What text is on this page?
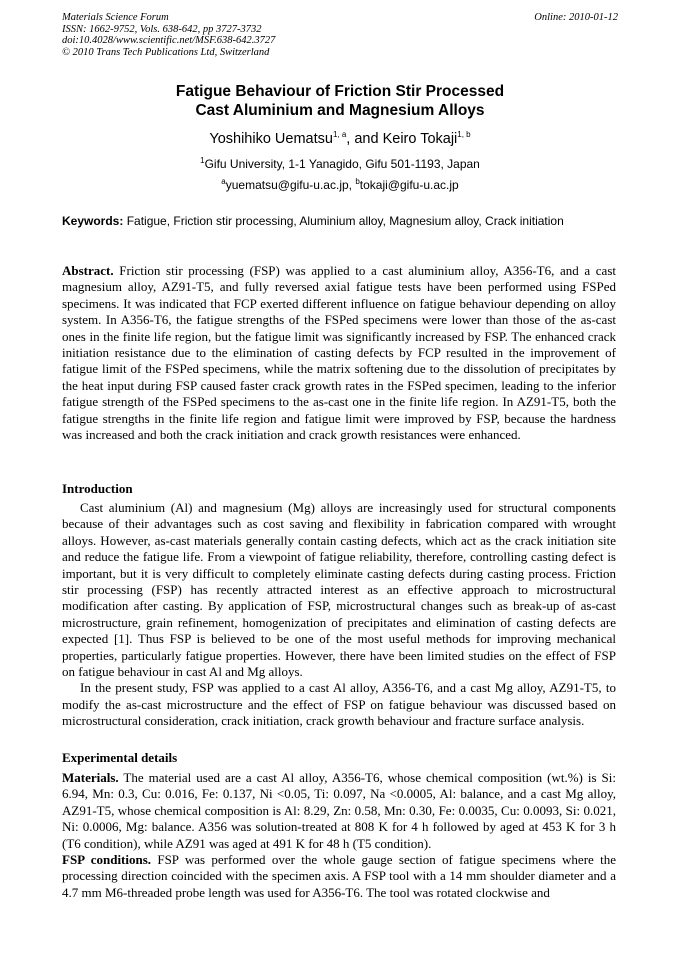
Materials Science Forum
ISSN: 1662-9752, Vols. 638-642, pp 3727-3732
doi:10.4028/www.scientific.net/MSF.638-642.3727
© 2010 Trans Tech Publications Ltd, Switzerland
Online: 2010-01-12
Fatigue Behaviour of Friction Stir Processed
Cast Aluminium and Magnesium Alloys
Yoshihiko Uematsu$^{1, a}$, and Keiro Tokaji$^{1, b}$
$^1$Gifu University, 1-1 Yanagido, Gifu 501-1193, Japan
$^a$yuematsu@gifu-u.ac.jp, $^b$tokaji@gifu-u.ac.jp
Keywords: Fatigue, Friction stir processing, Aluminium alloy, Magnesium alloy, Crack initiation
Abstract. Friction stir processing (FSP) was applied to a cast aluminium alloy, A356-T6, and a cast magnesium alloy, AZ91-T5, and fully reversed axial fatigue tests have been performed using FSPed specimens. It was indicated that FCP exerted different influence on fatigue behaviour depending on alloy system. In A356-T6, the fatigue strengths of the FSPed specimens were lower than those of the as-cast ones in the finite life region, but the fatigue limit was significantly increased by FSP. The enhanced crack initiation resistance due to the elimination of casting defects by FCP resulted in the improvement of fatigue limit of the FSPed specimens, while the matrix softening due to the dissolution of precipitates by the heat input during FSP caused faster crack growth rates in the FSPed specimen, leading to the inferior fatigue strength of the FSPed specimens to the as-cast one in the finite life region. In AZ91-T5, both the fatigue strengths in the finite life region and fatigue limit were improved by FSP, because the hardness was increased and both the crack initiation and crack growth resistances were enhanced.
Introduction

Cast aluminium (Al) and magnesium (Mg) alloys are increasingly used for structural components because of their advantages such as cost saving and flexibility in fabrication compared with wrought alloys. However, as-cast materials generally contain casting defects, which act as the crack initiation site and reduce the fatigue life. From a viewpoint of fatigue reliability, therefore, controlling casting defect is important, but it is very difficult to completely eliminate casting defects during casting process. Friction stir processing (FSP) has recently attracted interest as an effective approach to microstructural modification after casting. By application of FSP, microstructural changes such as break-up of as-cast microstructure, grain refinement, homogenization of precipitates and elimination of casting defects are expected [1]. Thus FSP is believed to be one of the most useful methods for improving mechanical properties, particularly fatigue properties. However, there have been limited studies on the effect of FSP on fatigue behaviour in cast Al and Mg alloys.

In the present study, FSP was applied to a cast Al alloy, A356-T6, and a cast Mg alloy, AZ91-T5, to modify the as-cast microstructure and the effect of FSP on fatigue behaviour was discussed based on microstructural consideration, crack initiation, crack growth behaviour and fracture surface analysis.

Experimental details

Materials. The material used are a cast Al alloy, A356-T6, whose chemical composition (wt.%) is Si: 6.94, Mn: 0.3, Cu: 0.016, Fe: 0.137, Ni <0.05, Ti: 0.097, Na <0.0005, Al: balance, and a cast Mg alloy, AZ91-T5, whose chemical composition is Al: 8.29, Zn: 0.58, Mn: 0.30, Fe: 0.0035, Cu: 0.0093, Si: 0.021, Ni: 0.0006, Mg: balance. A356 was solution-treated at 808 K for 4 h followed by aged at 453 K for 3 h (T6 condition), while AZ91 was aged at 491 K for 48 h (T5 condition).

FSP conditions. FSP was performed over the whole gauge section of fatigue specimens where the processing direction coincided with the specimen axis. A FSP tool with a 14 mm shoulder diameter and a 4.7 mm M6-threaded probe length was used for A356-T6. The tool was rotated clockwise and
